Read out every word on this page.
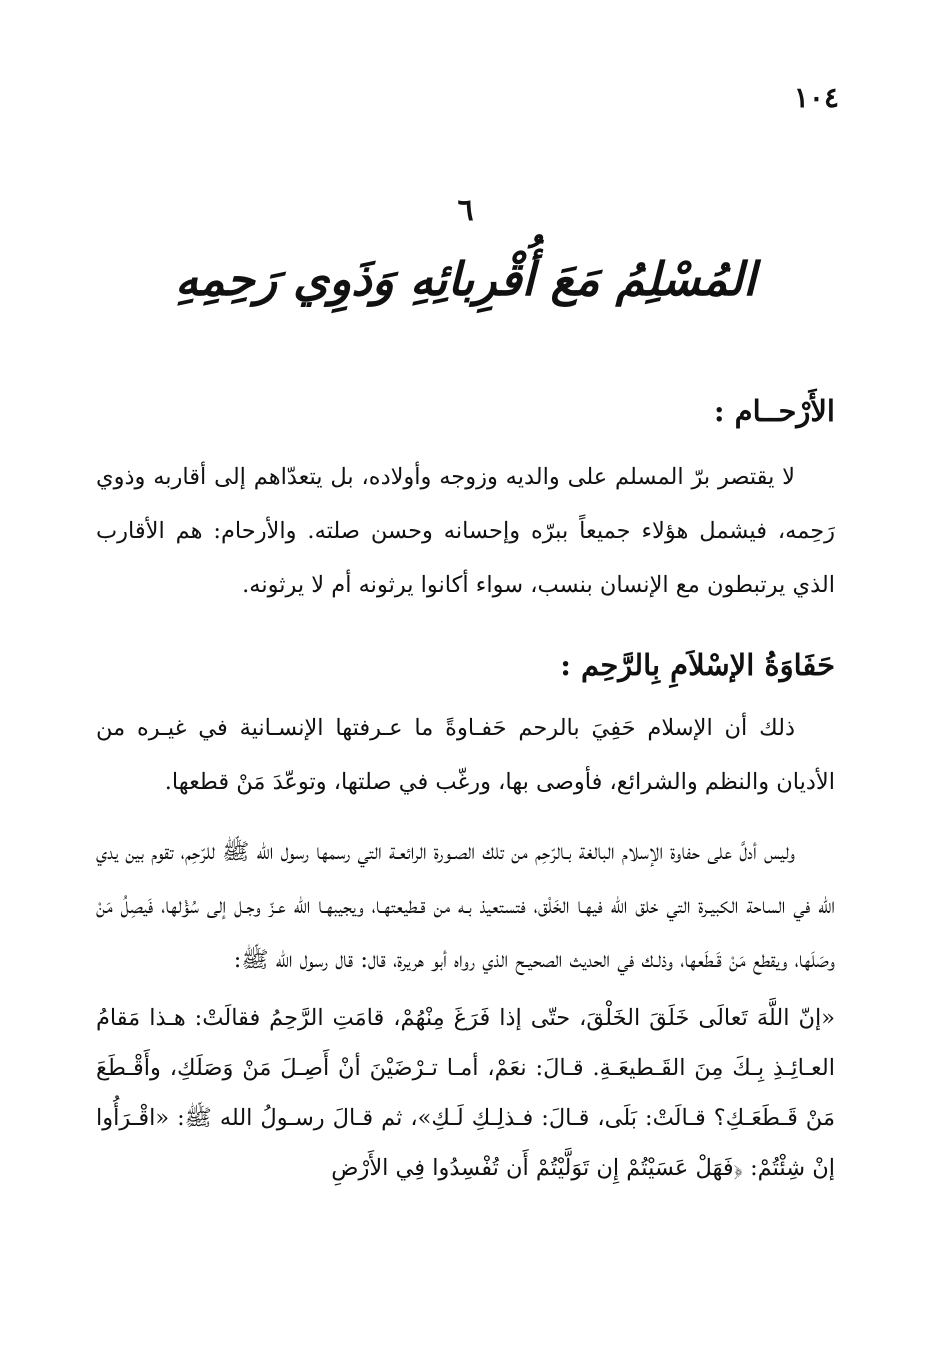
١٠٤
٦
المُسْلِمُ مَعَ أُقْرِبائِهِ وَذَوِي رَحِمِهِ
الأَرْحــام :

لا يقتصر برّ المسلم على والديه وزوجه وأولاده، بل يتعدّاهم إلى أقاربه وذوي رَحِمه، فيشمل هؤلاء جميعاً ببرّه وإحسانه وحسن صلته. والأرحام: هم الأقارب الذي يرتبطون مع الإنسان بنسب، سواء أكانوا يرثونه أم لا يرثونه.

حَفَاوَةُ الإسْلاَمِ بِالرَّحِم :

ذلك أن الإسلام حَفِيَ بالرحم حَفـاوةً ما عـرفتها الإنسـانية في غيـره من الأديان والنظم والشرائع، فأوصى بها، ورغّب في صلتها، وتوعّدَ مَنْ قطعها.

وليس أدلَّ على حفاوة الإسلام البالغة بـالرّحِم من تلك الصـورة الرائعـة التي رسمها رسول الله ﷺ للرّحِم، تقوم بين يدي الله في الساحة الكبيـرة التي خلق الله فيهـا الخَلْق، فتستعيذ بـه من قـطيعتهـا، ويجيبهـا الله عـزّ وجـل إلى سُؤْلها، فَيصِلُ مَنْ وصَلَها، ويقطع مَنْ قَـطَعها، وذلـك في الحديث الصحيـح الذي رواه أبو هريرة، قال: قال رسول الله ﷺ:

«إنّ اللَّهَ تَعالَى خَلَقَ الخَلْقَ، حتّى إذا فَرَغَ مِنْهُمْ، قامَتِ الرَّحِمُ فقالَتْ: هـذا مَقامُ العـائِـذِ بِـكَ مِنَ القَـطيعَـةِ. قـالَ: نعَمْ، أمـا تـرْضَيْنَ أنْ أَصِـلَ مَنْ وَصَلَكِ، وأَقْـطَعَ مَنْ قَـطَعَـكِ؟ قـالَتْ: بَلَى، قـالَ: فـذلِـكِ لَـكِ»، ثم قـالَ رسـولُ الله ﷺ: «اقْـرَأُوا إنْ شِئْتُمْ: ﴿فَهَلْ عَسَيْتُمْ إِن تَوَلَّيْتُمْ أَن تُفْسِدُوا فِي الأَرْضِ
